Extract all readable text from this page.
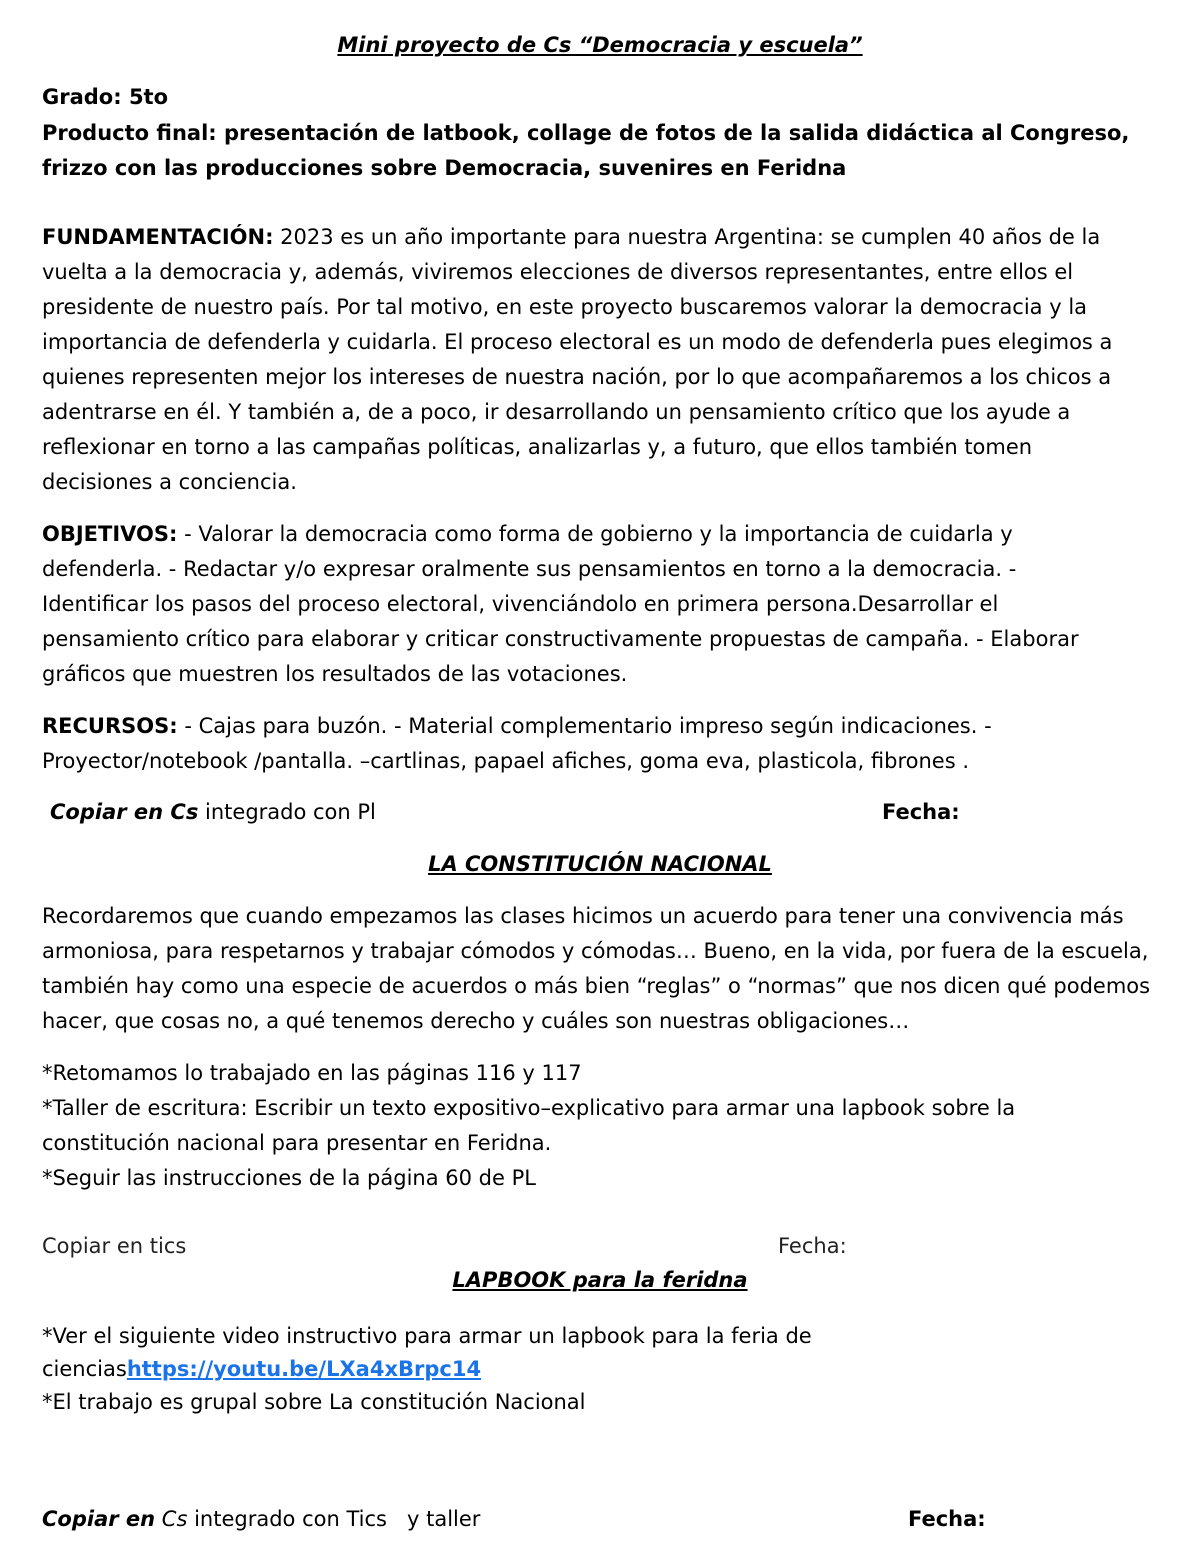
Mini proyecto de Cs “Democracia y escuela”
Grado: 5to
Producto final: presentación de latbook, collage de fotos de la salida didáctica al Congreso,
frizzo con las producciones sobre Democracia, suvenires en Feridna
FUNDAMENTACIÓN: 2023 es un año importante para nuestra Argentina: se cumplen 40 años de la
vuelta a la democracia y, además, viviremos elecciones de diversos representantes, entre ellos el
presidente de nuestro país. Por tal motivo, en este proyecto buscaremos valorar la democracia y la
importancia de defenderla y cuidarla. El proceso electoral es un modo de defenderla pues elegimos a
quienes representen mejor los intereses de nuestra nación, por lo que acompañaremos a los chicos a
adentrarse en él. Y también a, de a poco, ir desarrollando un pensamiento crítico que los ayude a
reflexionar en torno a las campañas políticas, analizarlas y, a futuro, que ellos también tomen
decisiones a conciencia.
OBJETIVOS: - Valorar la democracia como forma de gobierno y la importancia de cuidarla y
defenderla. - Redactar y/o expresar oralmente sus pensamientos en torno a la democracia. -
Identificar los pasos del proceso electoral, vivenciándolo en primera persona.Desarrollar el
pensamiento crítico para elaborar y criticar constructivamente propuestas de campaña. - Elaborar
gráficos que muestren los resultados de las votaciones.
RECURSOS: - Cajas para buzón. - Material complementario impreso según indicaciones. -
Proyector/notebook /pantalla. –cartlinas, papael afiches, goma eva, plasticola, fibrones .
Copiar en Cs integrado con Pl	Fecha:
LA CONSTITUCIÓN NACIONAL
Recordaremos que cuando empezamos las clases hicimos un acuerdo para tener una convivencia más
armoniosa, para respetarnos y trabajar cómodos y cómodas… Bueno, en la vida, por fuera de la escuela,
también hay como una especie de acuerdos o más bien “reglas” o “normas” que nos dicen qué podemos
hacer, que cosas no, a qué tenemos derecho y cuáles son nuestras obligaciones…
*Retomamos lo trabajado en las páginas 116 y 117
*Taller de escritura: Escribir un texto expositivo–explicativo para armar una lapbook sobre la
constitución nacional para presentar en Feridna.
*Seguir las instrucciones de la página 60 de PL
Copiar en tics	Fecha:
LAPBOOK para la feridna
*Ver el siguiente video instructivo para armar un lapbook para la feria de
cienciashttps://youtu.be/LXa4xBrpc14
*El trabajo es grupal sobre La constitución Nacional
Copiar en Cs integrado con Tics   y taller	Fecha:
